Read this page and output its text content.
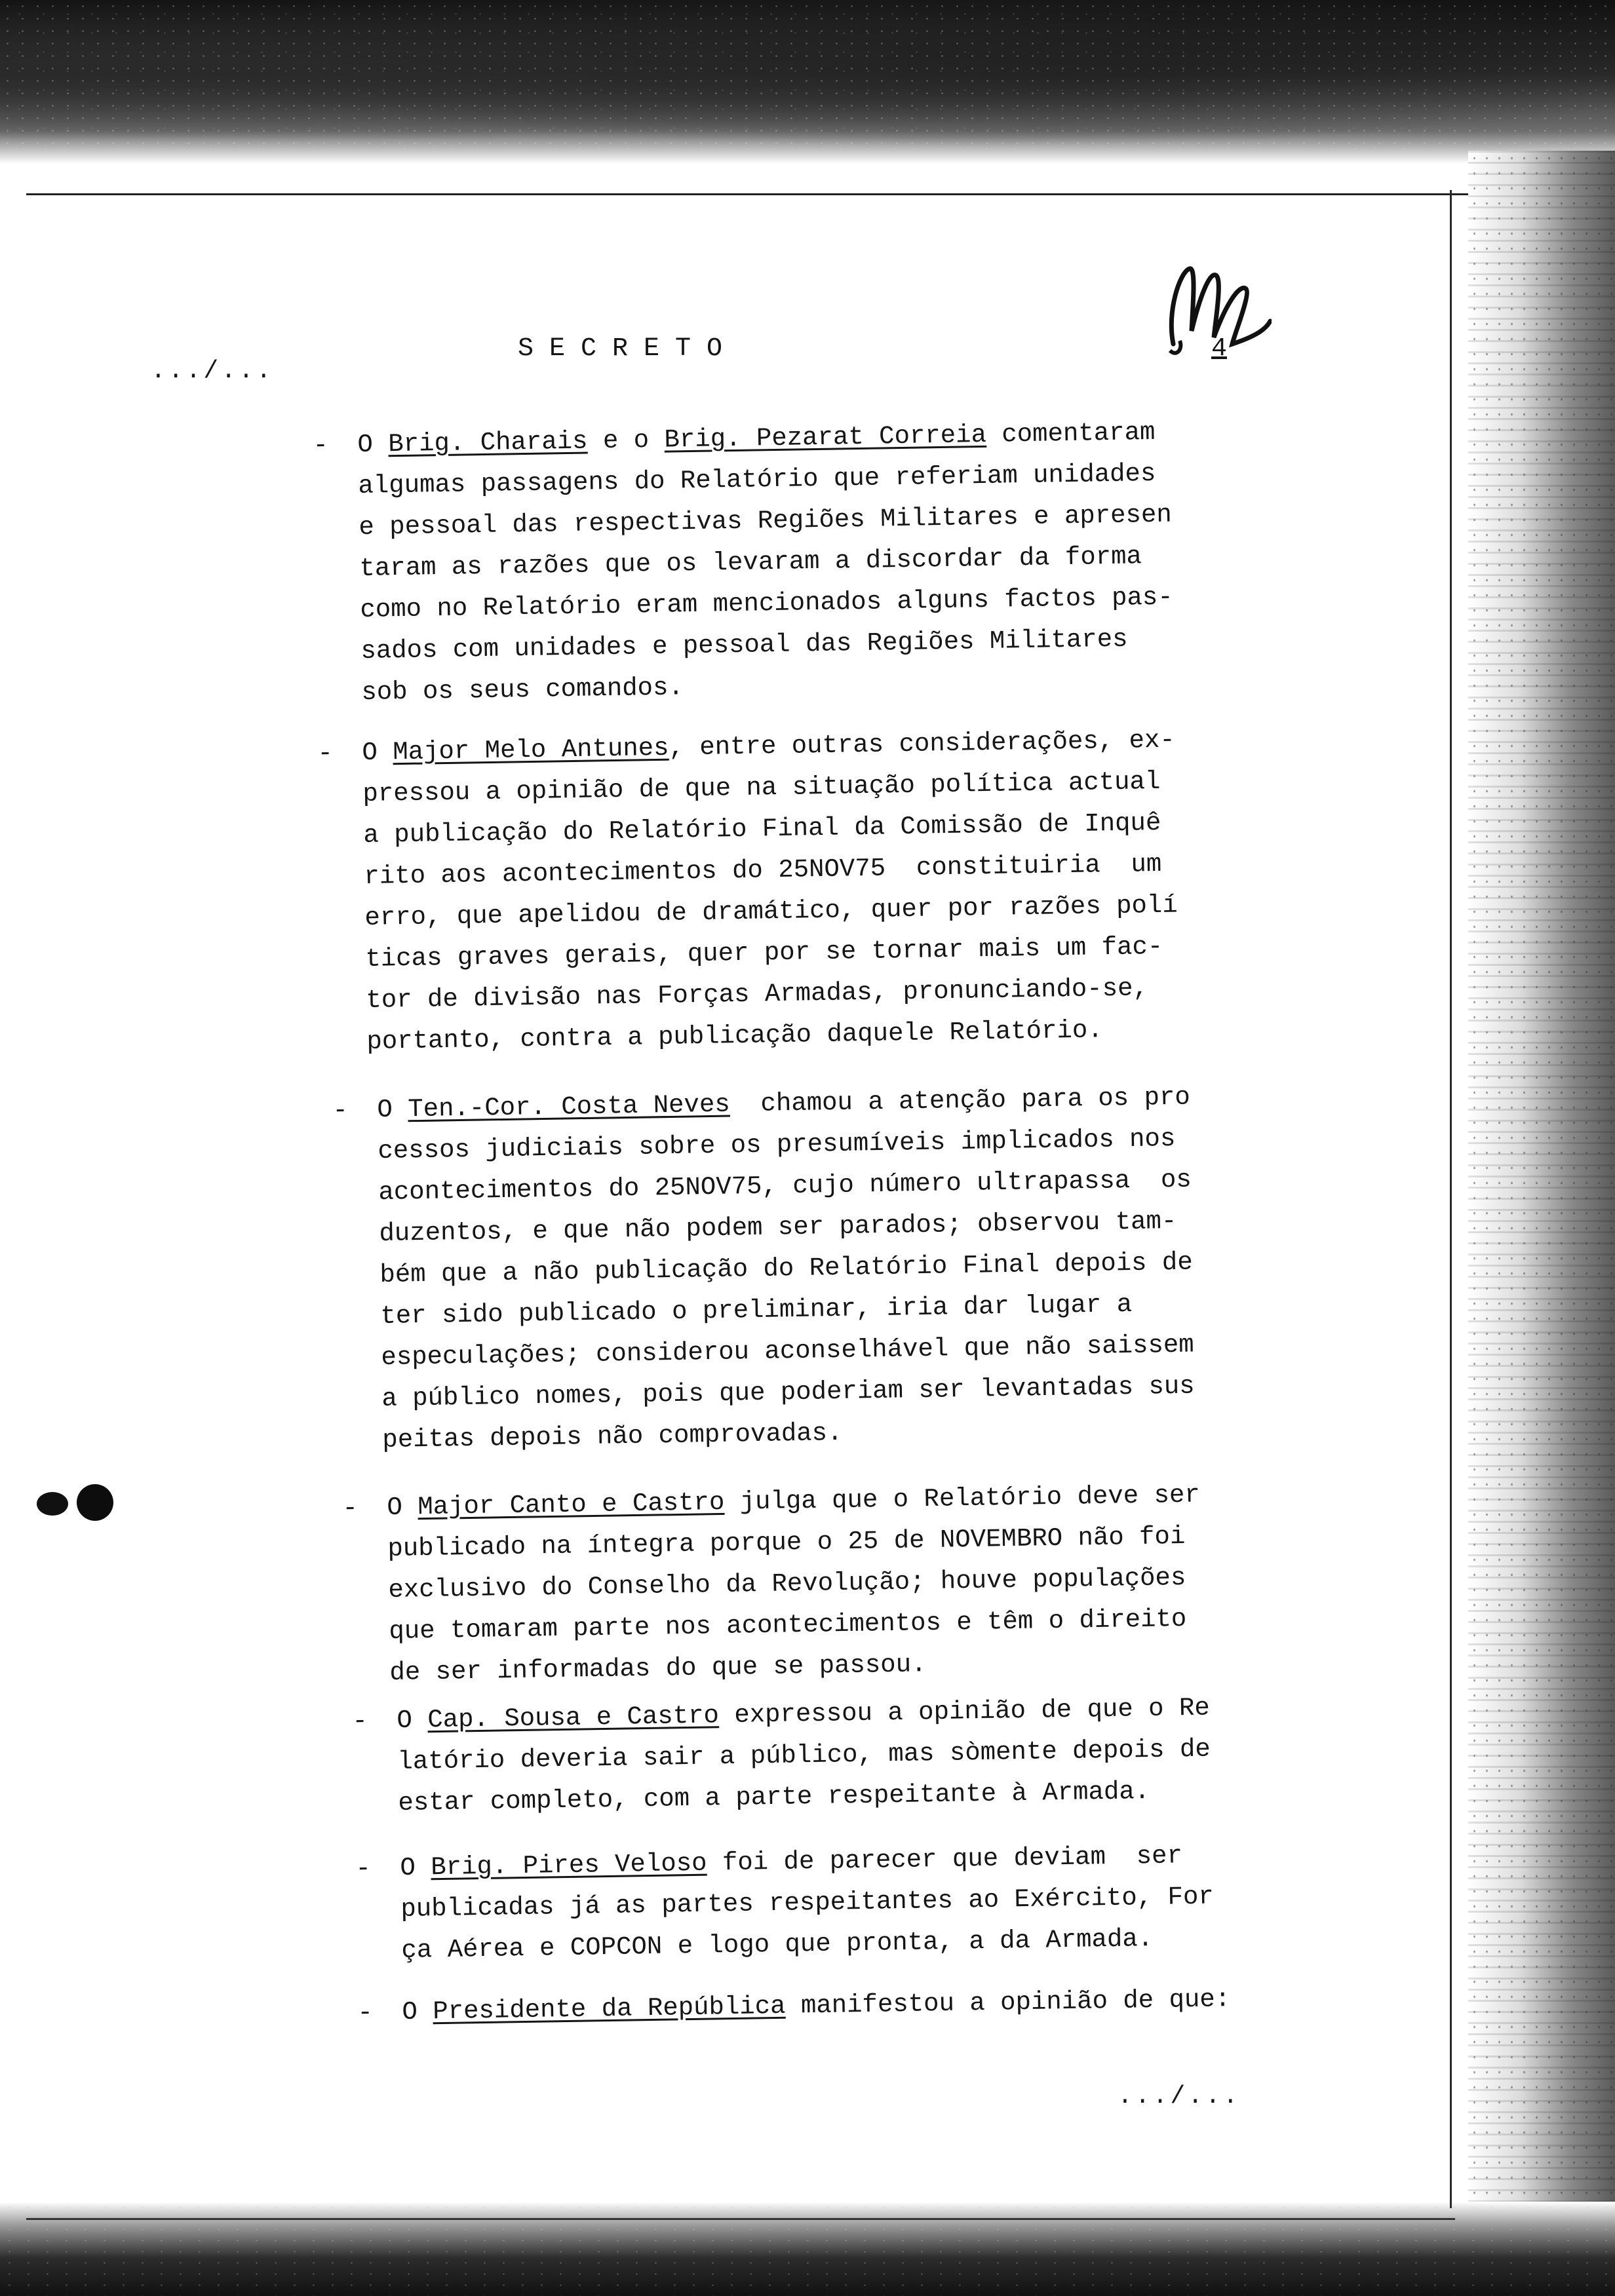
.../...
SECRETO	4
- O Brig. Charais e o Brig. Pezarat Correia comentaram
algumas passagens do Relatório que referiam unidades
e pessoal das respectivas Regiões Militares e apresen
taram as razões que os levaram a discordar da forma
como no Relatório eram mencionados alguns factos pas-
sados com unidades e pessoal das Regiões Militares
sob os seus comandos.
- O Major Melo Antunes, entre outras considerações, ex-
pressou a opinião de que na situação política actual
a publicação do Relatório Final da Comissão de Inquê
rito aos acontecimentos do 25NOV75  constituiria  um
erro, que apelidou de dramático, quer por razões polí
ticas graves gerais, quer por se tornar mais um fac-
tor de divisão nas Forças Armadas, pronunciando-se,
portanto, contra a publicação daquele Relatório.
- O Ten.-Cor. Costa Neves  chamou a atenção para os pro
cessos judiciais sobre os presumíveis implicados nos
acontecimentos do 25NOV75, cujo número ultrapassa  os
duzentos, e que não podem ser parados; observou tam-
bém que a não publicação do Relatório Final depois de
ter sido publicado o preliminar, iria dar lugar a
especulações; considerou aconselhável que não saissem
a público nomes, pois que poderiam ser levantadas sus
peitas depois não comprovadas.
- O Major Canto e Castro julga que o Relatório deve ser
publicado na íntegra porque o 25 de NOVEMBRO não foi
exclusivo do Conselho da Revolução; houve populações
que tomaram parte nos acontecimentos e têm o direito
de ser informadas do que se passou.
- O Cap. Sousa e Castro expressou a opinião de que o Re
latório deveria sair a público, mas sòmente depois de
estar completo, com a parte respeitante à Armada.
- O Brig. Pires Veloso foi de parecer que deviam  ser
publicadas já as partes respeitantes ao Exército, For
ça Aérea e COPCON e logo que pronta, a da Armada.
- O Presidente da República manifestou a opinião de que:
.../...
